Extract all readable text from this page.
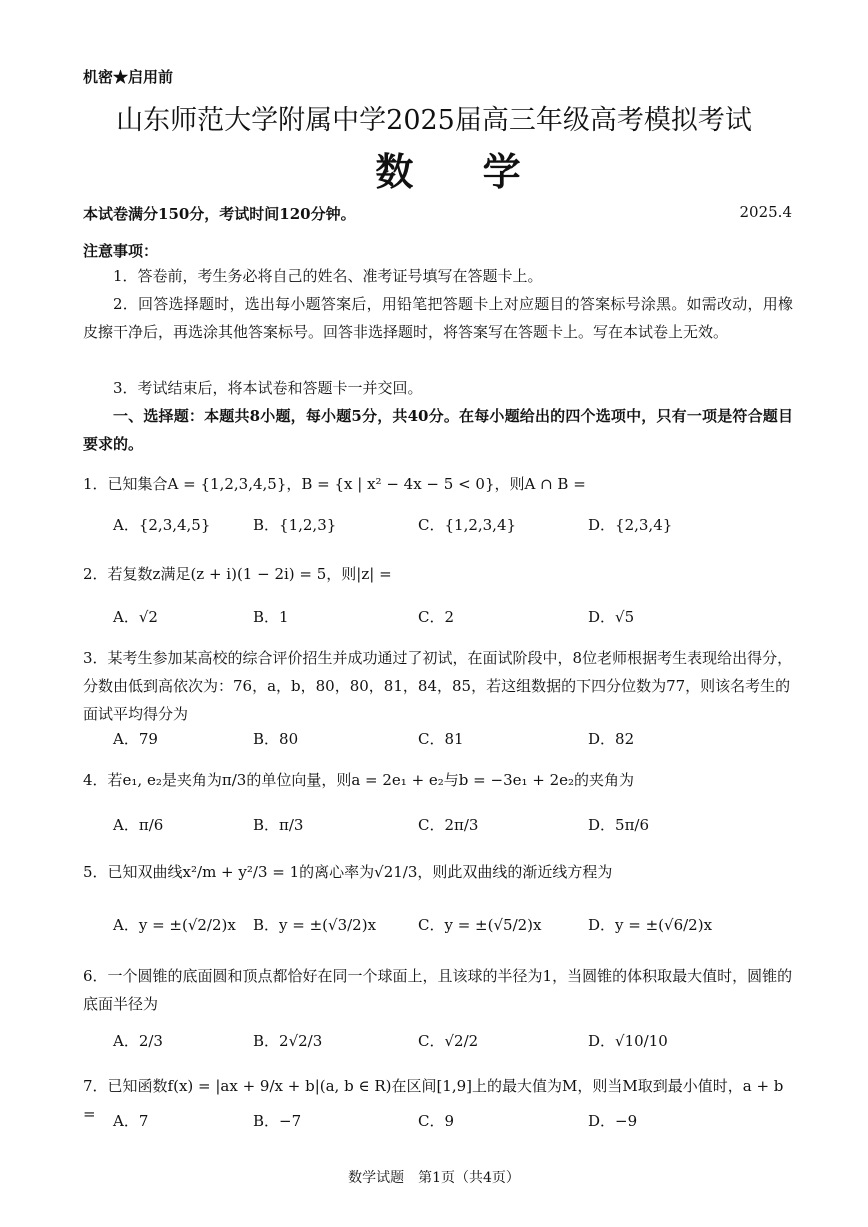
机密★启用前
山东师范大学附属中学2025届高三年级高考模拟考试
数 学
本试卷满分150分，考试时间120分钟。	2025.4
注意事项：
1．答卷前，考生务必将自己的姓名、准考证号填写在答题卡上。
2．回答选择题时，选出每小题答案后，用铅笔把答题卡上对应题目的答案标号涂黑。如需改动，用橡皮擦干净后，再选涂其他答案标号。回答非选择题时，将答案写在答题卡上。写在本试卷上无效。
3．考试结束后，将本试卷和答题卡一并交回。
一、选择题：本题共8小题，每小题5分，共40分。在每小题给出的四个选项中，只有一项是符合题目要求的。
1．已知集合A = {1,2,3,4,5}，B = {x | x² − 4x − 5 < 0}，则A ∩ B =
A．{2,3,4,5}	B．{1,2,3}	C．{1,2,3,4}	D．{2,3,4}
2．若复数z满足(z + i)(1 − 2i) = 5，则|z| =
A．√2	B．1	C．2	D．√5
3．某考生参加某高校的综合评价招生并成功通过了初试，在面试阶段中，8位老师根据考生表现给出得分，分数由低到高依次为：76，a，b，80，80，81，84，85，若这组数据的下四分位数为77，则该名考生的面试平均得分为
A．79	B．80	C．81	D．82
4．若e₁, e₂是夹角为π/3的单位向量，则a = 2e₁ + e₂与b = −3e₁ + 2e₂的夹角为
A．π/6	B．π/3	C．2π/3	D．5π/6
5．已知双曲线x²/m + y²/3 = 1的离心率为√21/3，则此双曲线的渐近线方程为
A．y = ±(√2/2)x B．y = ±(√3/2)x	C．y = ±(√5/2)x	D．y = ±(√6/2)x
6．一个圆锥的底面圆和顶点都恰好在同一个球面上，且该球的半径为1，当圆锥的体积取最大值时，圆锥的底面半径为
A．2/3	B．2√2/3	C．√2/2	D．√10/10
7．已知函数f(x) = |ax + 9/x + b|(a, b ∈ R)在区间[1,9]上的最大值为M，则当M取到最小值时，a + b =	A．7	B．−7	C．9	D．−9
数学试题　第1页（共4页）
